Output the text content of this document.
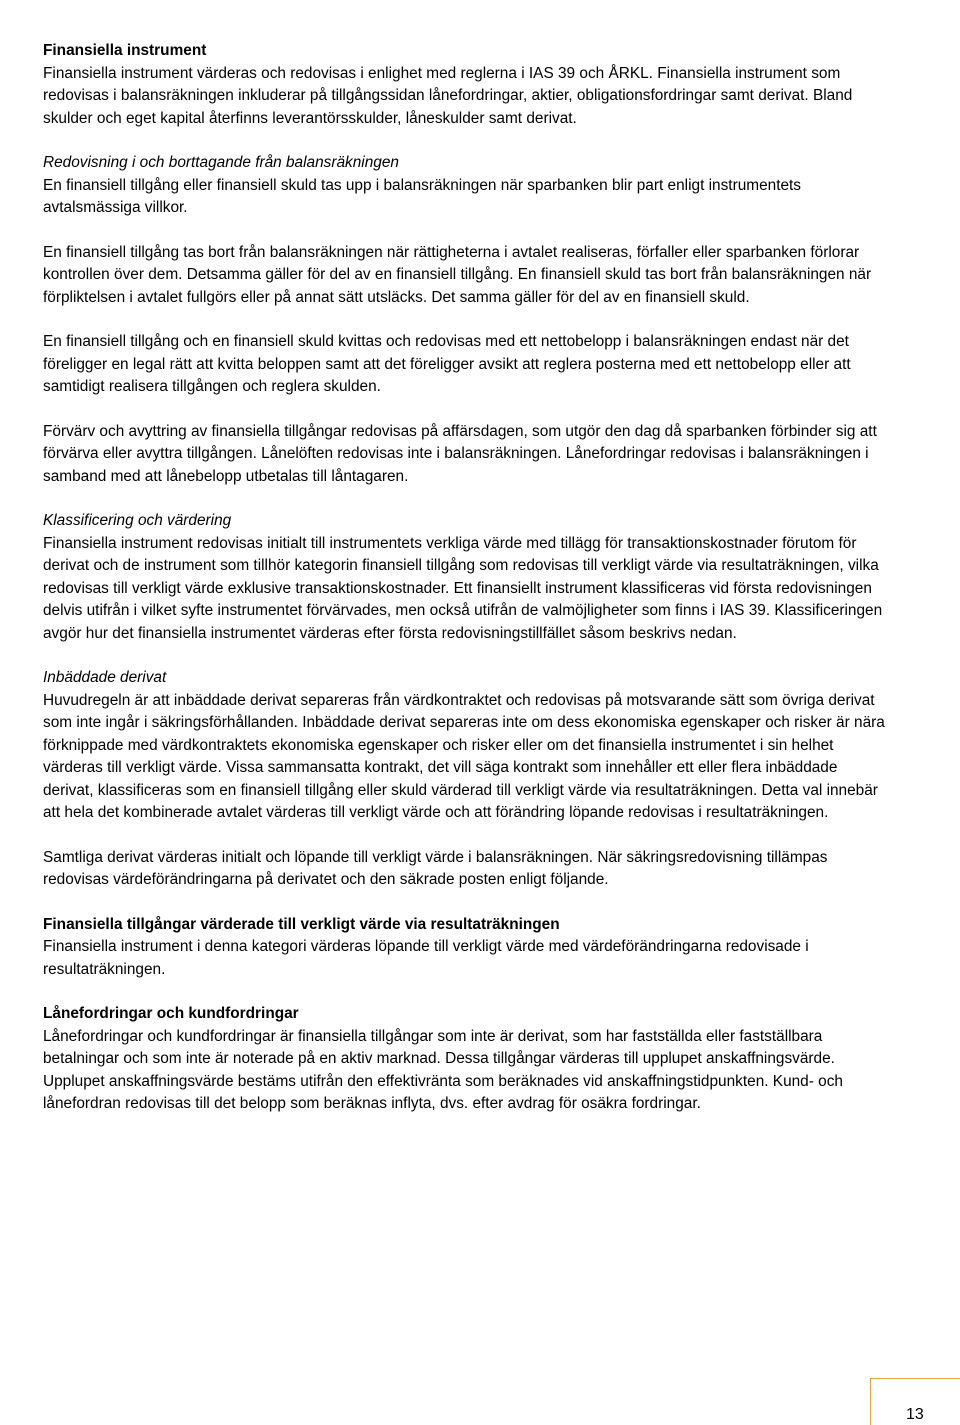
Finansiella instrument

Finansiella instrument värderas och redovisas i enlighet med reglerna i IAS 39 och ÅRKL. Finansiella instrument som redovisas i balansräkningen inkluderar på tillgångssidan lånefordringar, aktier, obligationsfordringar samt derivat. Bland skulder och eget kapital återfinns leverantörsskulder, låneskulder samt derivat.

Redovisning i och borttagande från balansräkningen

En finansiell tillgång eller finansiell skuld tas upp i balansräkningen när sparbanken blir part enligt instrumentets avtalsmässiga villkor.

En finansiell tillgång tas bort från balansräkningen när rättigheterna i avtalet realiseras, förfaller eller sparbanken förlorar kontrollen över dem. Detsamma gäller för del av en finansiell tillgång. En finansiell skuld tas bort från balansräkningen när förpliktelsen i avtalet fullgörs eller på annat sätt utsläcks. Det samma gäller för del av en finansiell skuld.

En finansiell tillgång och en finansiell skuld kvittas och redovisas med ett nettobelopp i balansräkningen endast när det föreligger en legal rätt att kvitta beloppen samt att det föreligger avsikt att reglera posterna med ett nettobelopp eller att samtidigt realisera tillgången och reglera skulden.

Förvärv och avyttring av finansiella tillgångar redovisas på affärsdagen, som utgör den dag då sparbanken förbinder sig att förvärva eller avyttra tillgången. Lånelöften redovisas inte i balansräkningen. Lånefordringar redovisas i balansräkningen i samband med att lånebelopp utbetalas till låntagaren.

Klassificering och värdering

Finansiella instrument redovisas initialt till instrumentets verkliga värde med tillägg för transaktionskostnader förutom för derivat och de instrument som tillhör kategorin finansiell tillgång som redovisas till verkligt värde via resultaträkningen, vilka redovisas till verkligt värde exklusive transaktionskostnader. Ett finansiellt instrument klassificeras vid första redovisningen delvis utifrån i vilket syfte instrumentet förvärvades, men också utifrån de valmöjligheter som finns i IAS 39. Klassificeringen avgör hur det finansiella instrumentet värderas efter första redovisningstillfället såsom beskrivs nedan.

Inbäddade derivat

Huvudregeln är att inbäddade derivat separeras från värdkontraktet och redovisas på motsvarande sätt som övriga derivat som inte ingår i säkringsförhållanden. Inbäddade derivat separeras inte om dess ekonomiska egenskaper och risker är nära förknippade med värdkontraktets ekonomiska egenskaper och risker eller om det finansiella instrumentet i sin helhet värderas till verkligt värde. Vissa sammansatta kontrakt, det vill säga kontrakt som innehåller ett eller flera inbäddade derivat, klassificeras som en finansiell tillgång eller skuld värderad till verkligt värde via resultaträkningen. Detta val innebär att hela det kombinerade avtalet värderas till verkligt värde och att förändring löpande redovisas i resultaträkningen.

Samtliga derivat värderas initialt och löpande till verkligt värde i balansräkningen. När säkringsredovisning tillämpas redovisas värdeförändringarna på derivatet och den säkrade posten enligt följande.

Finansiella tillgångar värderade till verkligt värde via resultaträkningen

Finansiella instrument i denna kategori värderas löpande till verkligt värde med värdeförändringarna redovisade i resultaträkningen.

Lånefordringar och kundfordringar

Lånefordringar och kundfordringar är finansiella tillgångar som inte är derivat, som har fastställda eller fastställbara betalningar och som inte är noterade på en aktiv marknad. Dessa tillgångar värderas till upplupet anskaffningsvärde. Upplupet anskaffningsvärde bestäms utifrån den effektivränta som beräknades vid anskaffningstidpunkten. Kund- och lånefordran redovisas till det belopp som beräknas inflyta, dvs. efter avdrag för osäkra fordringar.

13
